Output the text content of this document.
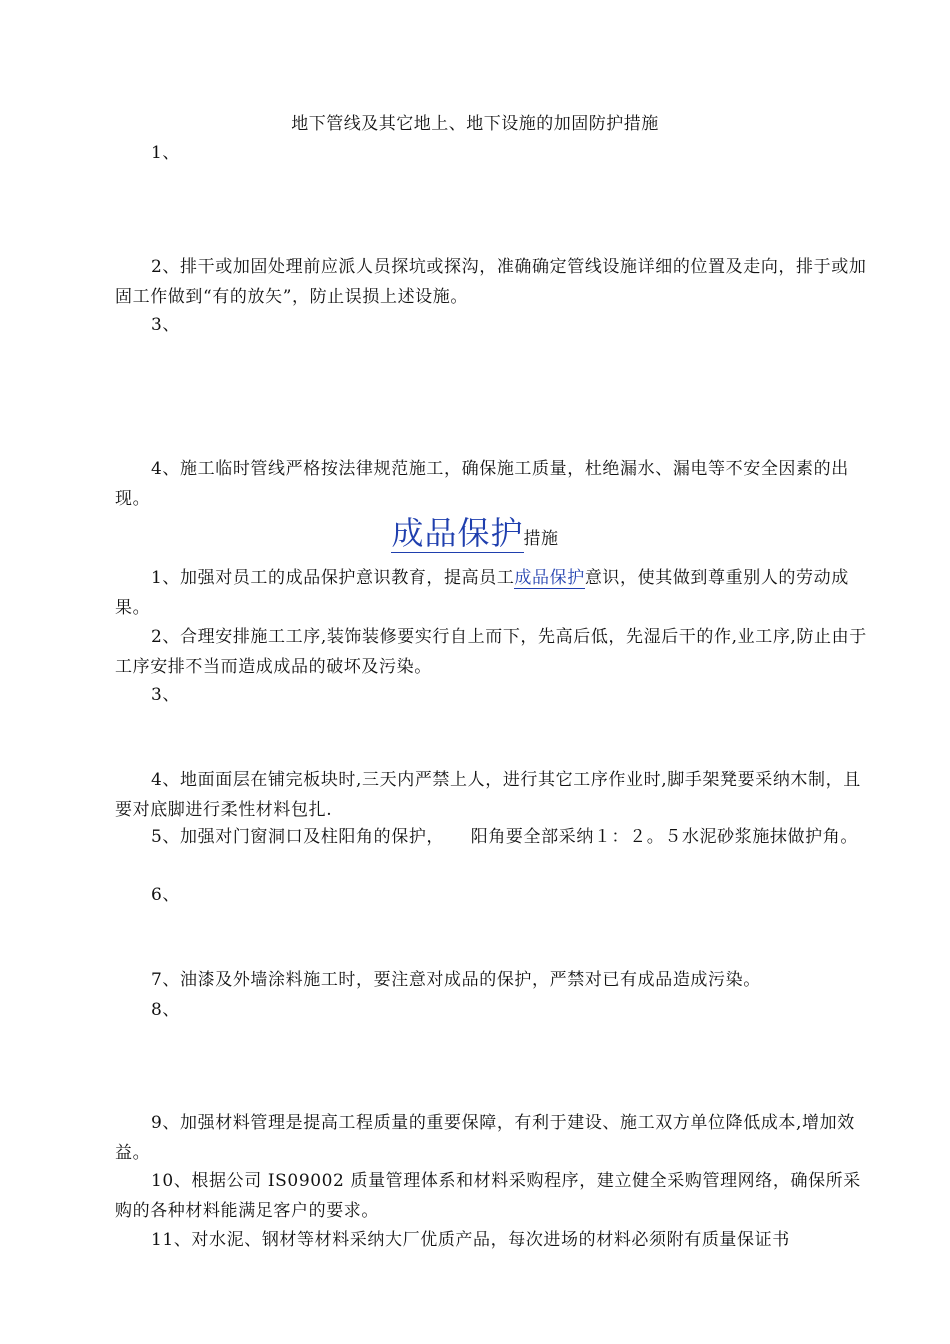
地下管线及其它地上、地下设施的加固防护措施
1、
2、排干或加固处理前应派人员探坑或探沟，准确确定管线设施详细的位置及走向，排于或加固工作做到“有的放矢”，防止误损上述设施。
3、
4、施工临时管线严格按法律规范施工，确保施工质量，杜绝漏水、漏电等不安全因素的出现。
成品保护措施
1、加强对员工的成品保护意识教育，提高员工成品保护意识，使其做到尊重别人的劳动成果。
2、合理安排施工工序,装饰装修要实行自上而下，先高后低，先湿后干的作,业工序,防止由于工序安排不当而造成成品的破坏及污染。
3、
4、地面面层在铺完板块时,三天内严禁上人，进行其它工序作业时,脚手架凳要采纳木制，且要对底脚进行柔性材料包扎.
5、加强对门窗洞口及柱阳角的保护，　　阳角要全部采纳１：２。５水泥砂浆施抹做护角。
6、
7、油漆及外墙涂料施工时，要注意对成品的保护，严禁对已有成品造成污染。
8、
9、加强材料管理是提高工程质量的重要保障，有利于建设、施工双方单位降低成本,增加效益。
10、根据公司 IS09002 质量管理体系和材料采购程序，建立健全采购管理网络，确保所采购的各种材料能满足客户的要求。
11、对水泥、钢材等材料采纳大厂优质产品，每次进场的材料必须附有质量保证书
